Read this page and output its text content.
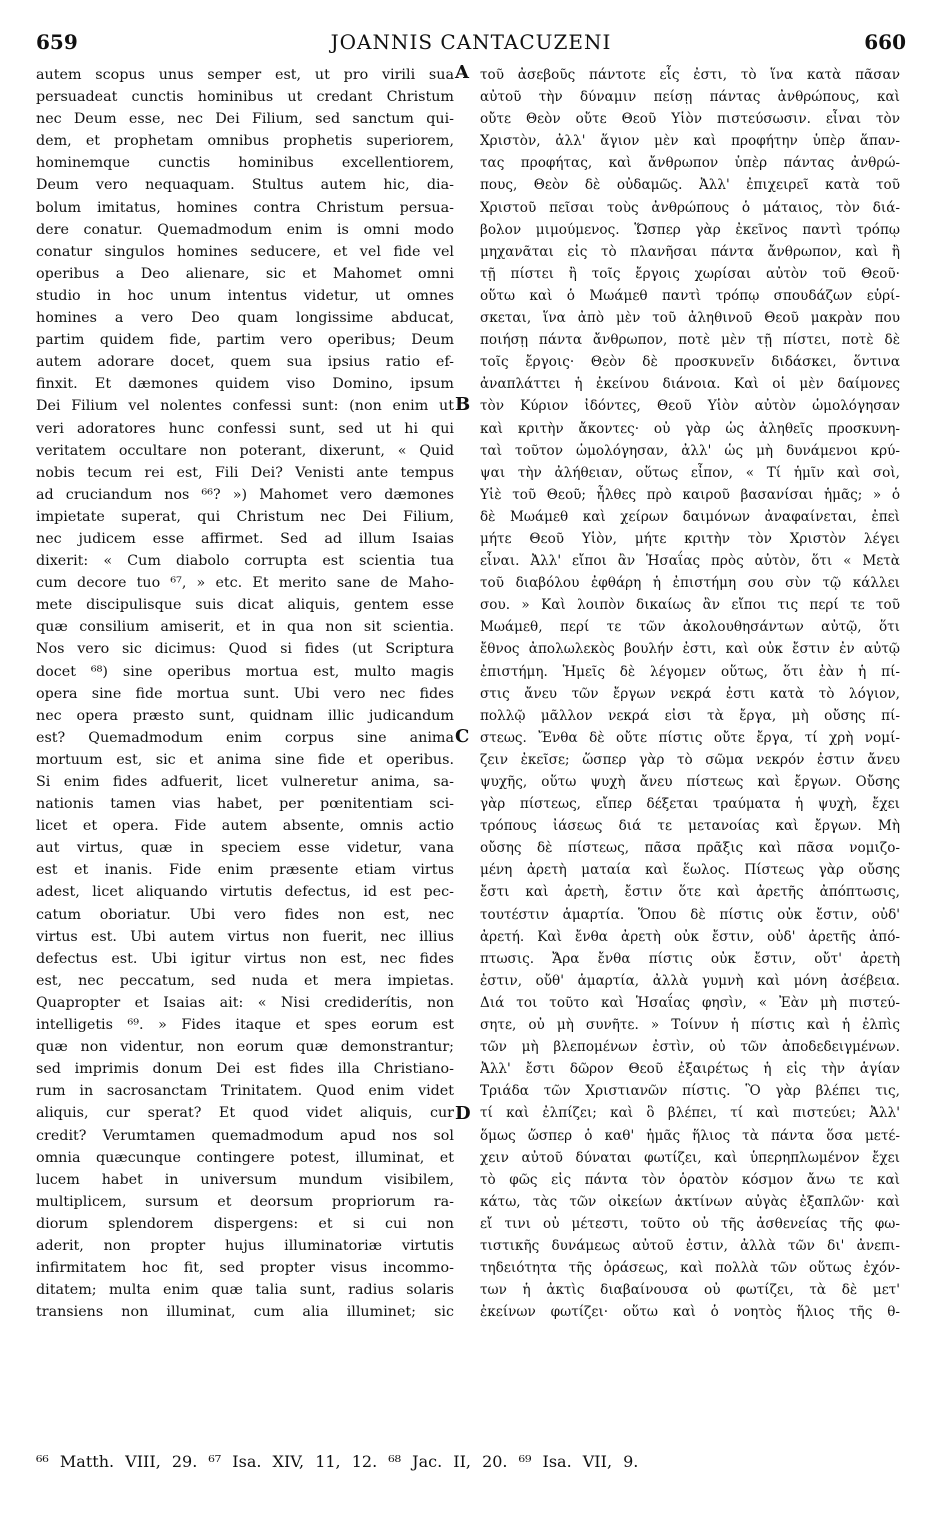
659	JOANNIS CANTACUZENI	660
autem scopus unus semper est, ut pro virili sua
persuadeat cunctis hominibus ut credant Christum
nec Deum esse, nec Dei Filium, sed sanctum qui-
dem, et prophetam omnibus prophetis superiorem,
hominemque cunctis hominibus excellentiorem,
Deum vero nequaquam. Stultus autem hic, dia-
bolum imitatus, homines contra Christum persua-
dere conatur. Quemadmodum enim is omni modo
conatur singulos homines seducere, et vel fide vel
operibus a Deo alienare, sic et Mahomet omni
studio in hoc unum intentus videtur, ut omnes
homines a vero Deo quam longissime abducat,
partim quidem fide, partim vero operibus; Deum
autem adorare docet, quem sua ipsius ratio ef-
finxit. Et dæmones quidem viso Domino, ipsum
Dei Filium vel nolentes confessi sunt: (non enim ut
veri adoratores hunc confessi sunt, sed ut hi qui
veritatem occultare non poterant, dixerunt, « Quid
nobis tecum rei est, Fili Dei? Venisti ante tempus
ad cruciandum nos ⁶⁶? ») Mahomet vero dæmones
impietate superat, qui Christum nec Dei Filium,
nec judicem esse affirmet. Sed ad illum Isaias
dixerit: « Cum diabolo corrupta est scientia tua
cum decore tuo ⁶⁷, » etc. Et merito sane de Maho-
mete discipulisque suis dicat aliquis, gentem esse
quæ consilium amiserit, et in qua non sit scientia.
Nos vero sic dicimus: Quod si fides (ut Scriptura
docet ⁶⁸) sine operibus mortua est, multo magis
opera sine fide mortua sunt. Ubi vero nec fides
nec opera præsto sunt, quidnam illic judicandum
est? Quemadmodum enim corpus sine anima
mortuum est, sic et anima sine fide et operibus.
Si enim fides adfuerit, licet vulneretur anima, sa-
nationis tamen vias habet, per pœnitentiam sci-
licet et opera. Fide autem absente, omnis actio
aut virtus, quæ in speciem esse videtur, vana
est et inanis. Fide enim præsente etiam virtus
adest, licet aliquando virtutis defectus, id est pec-
catum oboriatur. Ubi vero fides non est, nec
virtus est. Ubi autem virtus non fuerit, nec illius
defectus est. Ubi igitur virtus non est, nec fides
est, nec peccatum, sed nuda et mera impietas.
Quapropter et Isaias ait: « Nisi crediderítis, non
intelligetis ⁶⁹. » Fides itaque et spes eorum est
quæ non videntur, non eorum quæ demonstrantur;
sed imprimis donum Dei est fides illa Christiano-
rum in sacrosanctam Trinitatem. Quod enim videt
aliquis, cur sperat? Et quod videt aliquis, cur
credit? Verumtamen quemadmodum apud nos sol
omnia quæcunque contingere potest, illuminat, et
lucem habet in universum mundum visibilem,
multiplicem, sursum et deorsum propriorum ra-
diorum splendorem dispergens: et si cui non
aderit, non propter hujus illuminatoriæ virtutis
infirmitatem hoc fit, sed propter visus incommo-
ditatem; multa enim quæ talia sunt, radius solaris
transiens non illuminat, cum alia illuminet; sic
τοῦ ἀσεβοῦς πάντοτε εἷς ἐστι, τὸ ἵνα κατὰ πᾶσαν
αὐτοῦ τὴν δύναμιν πείσῃ πάντας ἀνθρώπους, καὶ
οὔτε Θεὸν οὔτε Θεοῦ Υἱὸν πιστεύσωσιν. εἶναι τὸν
Χριστὸν, ἀλλ' ἅγιον μὲν καὶ προφήτην ὑπὲρ ἅπαν-
τας προφήτας, καὶ ἄνθρωπον ὑπὲρ πάντας ἀνθρώ-
πους, Θεὸν δὲ οὐδαμῶς. Ἀλλ' ἐπιχειρεῖ κατὰ τοῦ
Χριστοῦ πεῖσαι τοὺς ἀνθρώπους ὁ μάταιος, τὸν διά-
βολον μιμούμενος. Ὥσπερ γὰρ ἐκεῖνος παντὶ τρόπῳ
μηχανᾶται εἰς τὸ πλανῆσαι πάντα ἄνθρωπον, καὶ ἢ
τῇ πίστει ἢ τοῖς ἔργοις χωρίσαι αὐτὸν τοῦ Θεοῦ·
οὕτω καὶ ὁ Μωάμεθ παντὶ τρόπῳ σπουδάζων εὑρί-
σκεται, ἵνα ἀπὸ μὲν τοῦ ἀληθινοῦ Θεοῦ μακρὰν που
ποιήσῃ πάντα ἄνθρωπον, ποτὲ μὲν τῇ πίστει, ποτὲ δὲ
τοῖς ἔργοις· Θεὸν δὲ προσκυνεῖν διδάσκει, ὅντινα
ἀναπλάττει ἡ ἐκείνου διάνοια. Καὶ οἱ μὲν δαίμονες
τὸν Κύριον ἰδόντες, Θεοῦ Υἱὸν αὐτὸν ὡμολόγησαν
καὶ κριτὴν ἄκοντες· οὐ γὰρ ὡς ἀληθεῖς προσκυνη-
ταὶ τοῦτον ὡμολόγησαν, ἀλλ' ὡς μὴ δυνάμενοι κρύ-
ψαι τὴν ἀλήθειαν, οὕτως εἶπον, « Τί ἡμῖν καὶ σοὶ,
Υἱὲ τοῦ Θεοῦ; ἦλθες πρὸ καιροῦ βασανίσαι ἡμᾶς; » ὁ
δὲ Μωάμεθ καὶ χείρων δαιμόνων ἀναφαίνεται, ἐπεὶ
μήτε Θεοῦ Υἱὸν, μήτε κριτὴν τὸν Χριστὸν λέγει
εἶναι. Ἀλλ' εἴποι ἂν Ἡσαΐας πρὸς αὐτὸν, ὅτι « Μετὰ
τοῦ διαβόλου ἐφθάρη ἡ ἐπιστήμη σου σὺν τῷ κάλλει
σου. » Καὶ λοιπὸν δικαίως ἂν εἴποι τις περί τε τοῦ
Μωάμεθ, περί τε τῶν ἀκολουθησάντων αὐτῷ, ὅτι
ἔθνος ἀπολωλεκὸς βουλήν ἐστι, καὶ οὐκ ἔστιν ἐν αὐτῷ
ἐπιστήμη. Ἡμεῖς δὲ λέγομεν οὕτως, ὅτι ἐὰν ἡ πί-
στις ἄνευ τῶν ἔργων νεκρά ἐστι κατὰ τὸ λόγιον,
πολλῷ μᾶλλον νεκρά εἰσι τὰ ἔργα, μὴ οὔσης πί-
στεως. Ἔνθα δὲ οὔτε πίστις οὔτε ἔργα, τί χρὴ νομί-
ζειν ἐκεῖσε; ὥσπερ γὰρ τὸ σῶμα νεκρόν ἐστιν ἄνευ
ψυχῆς, οὕτω ψυχὴ ἄνευ πίστεως καὶ ἔργων. Οὔσης
γὰρ πίστεως, εἴπερ δέξεται τραύματα ἡ ψυχὴ, ἔχει
τρόπους ἰάσεως διά τε μετανοίας καὶ ἔργων. Μὴ
οὔσης δὲ πίστεως, πᾶσα πρᾶξις καὶ πᾶσα νομιζο-
μένη ἀρετὴ ματαία καὶ ἕωλος. Πίστεως γὰρ οὔσης
ἔστι καὶ ἀρετὴ, ἔστιν ὅτε καὶ ἀρετῆς ἀπόπτωσις,
τουτέστιν ἁμαρτία. Ὅπου δὲ πίστις οὐκ ἔστιν, οὐδ'
ἀρετή. Καὶ ἔνθα ἀρετὴ οὐκ ἔστιν, οὐδ' ἀρετῆς ἀπό-
πτωσις. Ἄρα ἔνθα πίστις οὐκ ἔστιν, οὔτ' ἀρετὴ
ἐστιν, οὔθ' ἁμαρτία, ἀλλὰ γυμνὴ καὶ μόνη ἀσέβεια.
Διά τοι τοῦτο καὶ Ἡσαΐας φησὶν, « Ἐὰν μὴ πιστεύ-
σητε, οὐ μὴ συνῆτε. » Τοίνυν ἡ πίστις καὶ ἡ ἐλπὶς
τῶν μὴ βλεπομένων ἐστὶν, οὐ τῶν ἀποδεδειγμένων.
Ἀλλ' ἔστι δῶρον Θεοῦ ἐξαιρέτως ἡ εἰς τὴν ἁγίαν
Τριάδα τῶν Χριστιανῶν πίστις. Ὃ γὰρ βλέπει τις,
τί καὶ ἐλπίζει; καὶ ὃ βλέπει, τί καὶ πιστεύει; Ἀλλ'
ὅμως ὥσπερ ὁ καθ' ἡμᾶς ἥλιος τὰ πάντα ὅσα μετέ-
χειν αὐτοῦ δύναται φωτίζει, καὶ ὑπερηπλωμένον ἔχει
τὸ φῶς εἰς πάντα τὸν ὁρατὸν κόσμον ἄνω τε καὶ
κάτω, τὰς τῶν οἰκείων ἀκτίνων αὐγὰς ἐξαπλῶν· καὶ
εἴ τινι οὐ μέτεστι, τοῦτο οὐ τῆς ἀσθενείας τῆς φω-
τιστικῆς δυνάμεως αὐτοῦ ἐστιν, ἀλλὰ τῶν δι' ἀνεπι-
τηδειότητα τῆς ὁράσεως, καὶ πολλὰ τῶν οὕτως ἐχόν-
των ἡ ἀκτὶς διαβαίνουσα οὐ φωτίζει, τὰ δὲ μετ'
ἐκείνων φωτίζει· οὕτω καὶ ὁ νοητὸς ἥλιος τῆς θ-
A
B
C
D
⁶⁶ Matth. VIII, 29. ⁶⁷ Isa. XIV, 11, 12. ⁶⁸ Jac. II, 20. ⁶⁹ Isa. VII, 9.
